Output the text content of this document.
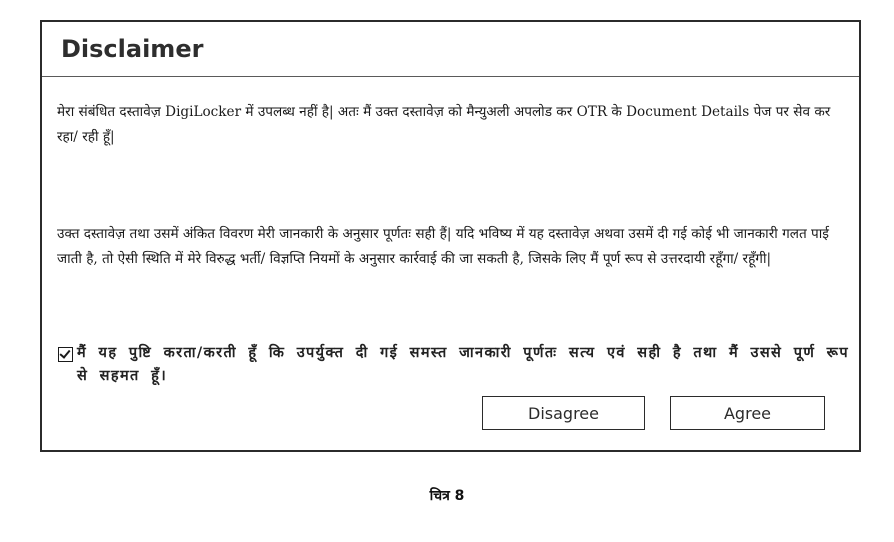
Disclaimer

मेरा संबंधित दस्तावेज़ DigiLocker में उपलब्ध नहीं है| अतः मैं उक्त दस्तावेज़ को मैन्युअली अपलोड कर OTR के Document Details पेज पर सेव कर रहा/ रही हूँ|

उक्त दस्तावेज़ तथा उसमें अंकित विवरण मेरी जानकारी के अनुसार पूर्णतः सही हैं| यदि भविष्य में यह दस्तावेज़ अथवा उसमें दी गई कोई भी जानकारी गलत पाई जाती है, तो ऐसी स्थिति में मेरे विरुद्ध भर्ती/ विज्ञप्ति नियमों के अनुसार कार्रवाई की जा सकती है, जिसके लिए मैं पूर्ण रूप से उत्तरदायी रहूँगा/ रहूँगी|

मैं यह पुष्टि करता/करती हूँ कि उपर्युक्त दी गई समस्त जानकारी पूर्णतः सत्य एवं सही है तथा मैं उससे पूर्ण रूप से सहमत हूँ।

Disagree	Agree

चित्र 8
